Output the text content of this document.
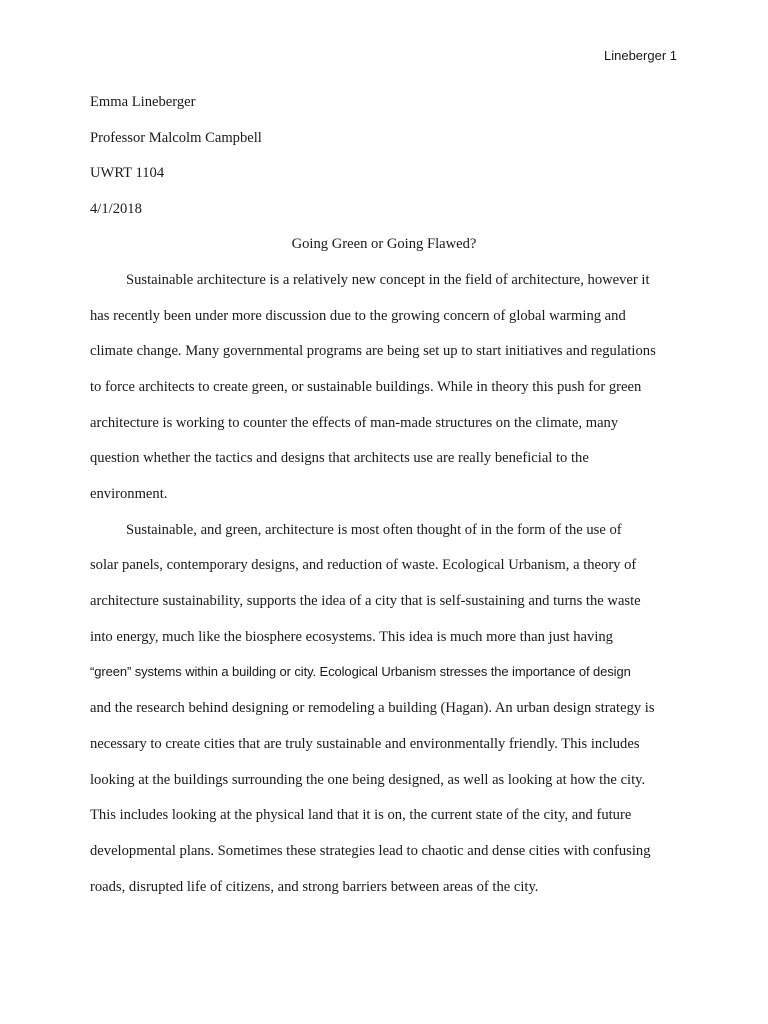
Lineberger 1
Emma Lineberger
Professor Malcolm Campbell
UWRT 1104
4/1/2018
Going Green or Going Flawed?
Sustainable architecture is a relatively new concept in the field of architecture, however it
has recently been under more discussion due to the growing concern of global warming and
climate change. Many governmental programs are being set up to start initiatives and regulations
to force architects to create green, or sustainable buildings. While in theory this push for green
architecture is working to counter the effects of man-made structures on the climate, many
question whether the tactics and designs that architects use are really beneficial to the
environment.
Sustainable, and green, architecture is most often thought of in the form of the use of
solar panels, contemporary designs, and reduction of waste. Ecological Urbanism, a theory of
architecture sustainability, supports the idea of a city that is self-sustaining and turns the waste
into energy, much like the biosphere ecosystems. This idea is much more than just having
“green” systems within a building or city. Ecological Urbanism stresses the importance of design
and the research behind designing or remodeling a building (Hagan). An urban design strategy is
necessary to create cities that are truly sustainable and environmentally friendly. This includes
looking at the buildings surrounding the one being designed, as well as looking at how the city.
This includes looking at the physical land that it is on, the current state of the city, and future
developmental plans. Sometimes these strategies lead to chaotic and dense cities with confusing
roads, disrupted life of citizens, and strong barriers between areas of the city.
